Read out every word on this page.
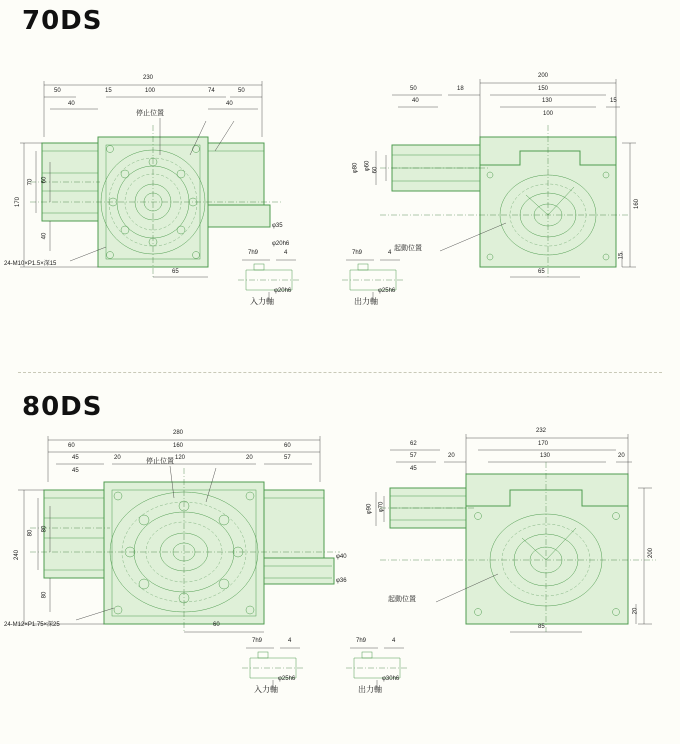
70DS
230
100
15	74
50
40	40
50
170
70 60
40
65
停止位置
24-M10×P1.5×深15
φ35
φ20h6
200
150
130
100
50
40
18
15
160
60
15
65
起動位置
φ60
φ80
7h9	4
φ20h6
入力軸
7h9	4
φ25h6
出力軸
80DS
280
160
120
20	20
60	60
57
45
45
240
80
80
80
60
停止位置
24-M12×P1.75×深25
φ40
φ36
232
170
130
62
57
45
20	20
200
85
20
起動位置
φ70
φ90
7h9	4
φ25h6
入力軸
7h9	4
φ30h6
出力軸
